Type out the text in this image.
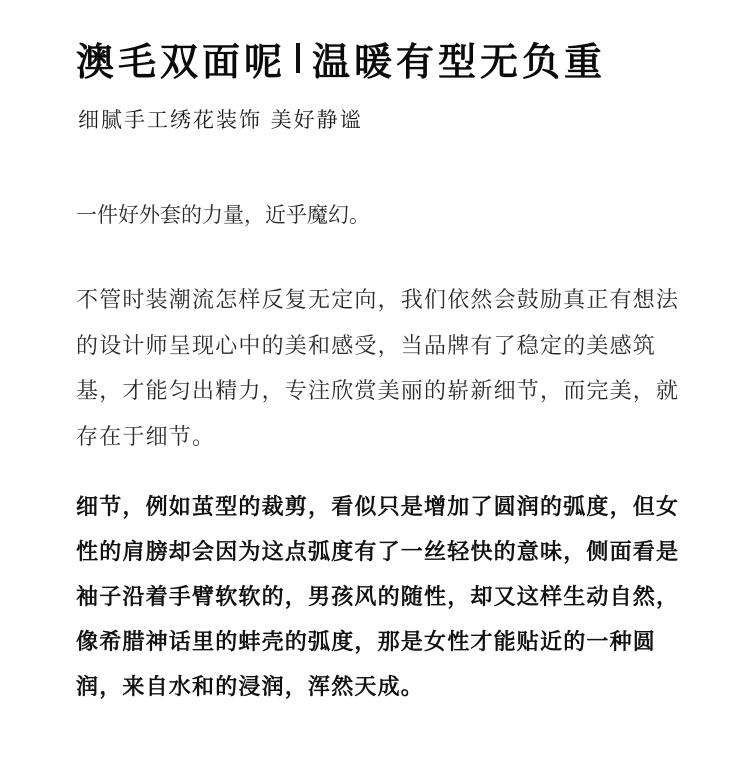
澳毛双面呢 温暖有型无负重
细腻手工绣花装饰 美好静谧
一件好外套的力量，近乎魔幻。
不管时装潮流怎样反复无定向，我们依然会鼓励真正有想法的设计师呈现心中的美和感受，当品牌有了稳定的美感筑基，才能匀出精力，专注欣赏美丽的崭新细节，而完美，就存在于细节。
细节，例如茧型的裁剪，看似只是增加了圆润的弧度，但女性的肩膀却会因为这点弧度有了一丝轻快的意味，侧面看是袖子沿着手臂软软的，男孩风的随性，却又这样生动自然，像希腊神话里的蚌壳的弧度，那是女性才能贴近的一种圆润，来自水和的浸润，浑然天成。
